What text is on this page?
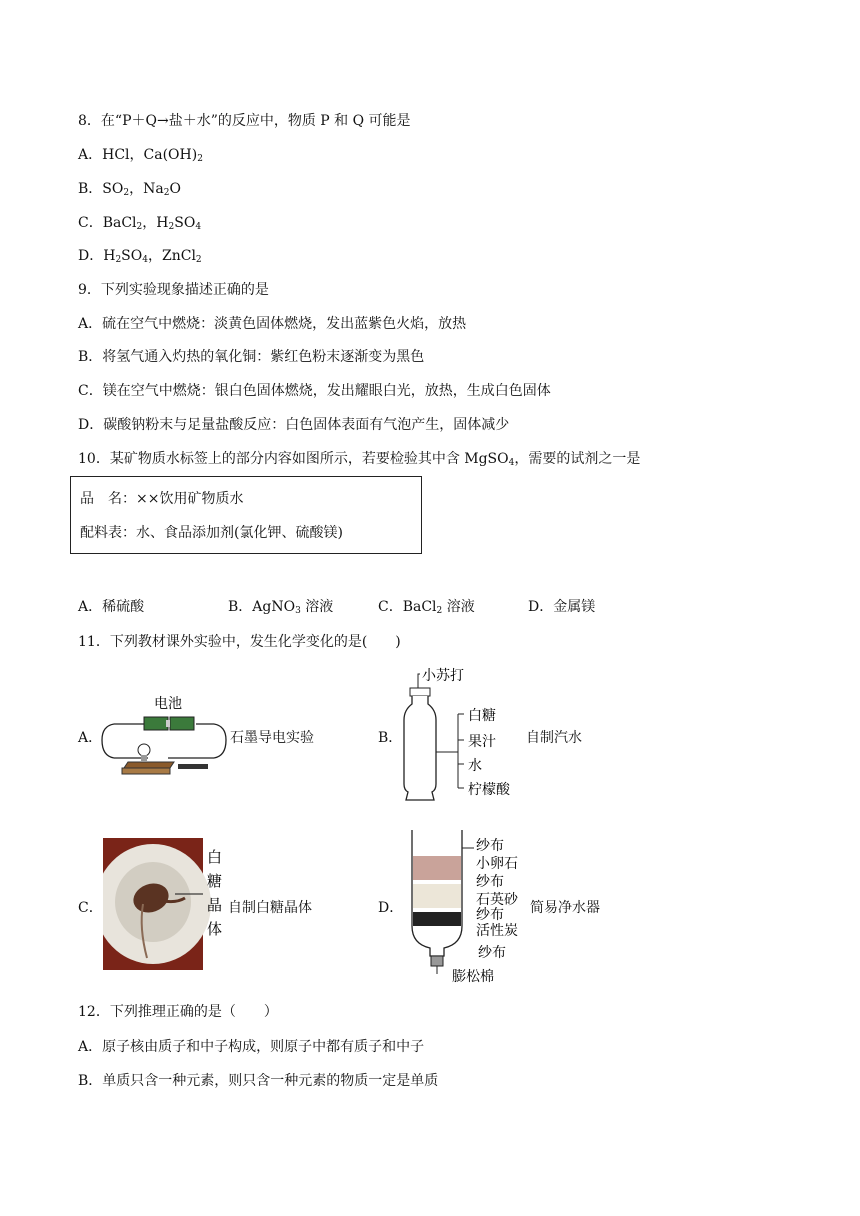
8．在“P＋Q→盐＋水”的反应中，物质 P 和 Q 可能是
A．HCl，$Ca(OH)_2$
B．$SO_2$，$Na_2O$
C．BaCl$_2$，$H_2SO_4$
D．$H_2SO_4$，ZnCl$_2$
9．下列实验现象描述正确的是
A．硫在空气中燃烧：淡黄色固体燃烧，发出蓝紫色火焰，放热
B．将氢气通入灼热的氧化铜：紫红色粉末逐渐变为黑色
C．镁在空气中燃烧：银白色固体燃烧，发出耀眼白光，放热，生成白色固体
D．碳酸钠粉末与足量盐酸反应：白色固体表面有气泡产生，固体减少
10．某矿物质水标签上的部分内容如图所示，若要检验其中含 MgSO$_4$，需要的试剂之一是
品　名：××饮用矿物质水
配料表：水、食品添加剂(氯化钾、硫酸镁)
A．稀硫酸	B．AgNO$_3$ 溶液	C．BaCl$_2$ 溶液	D．金属镁
11．下列教材课外实验中，发生化学变化的是(　　)
A．
电池
石墨导电实验	B．
小苏打
白糖
果汁
水
柠檬酸
自制汽水
C．
白
糖
晶
体
自制白糖晶体	D．
纱布
小卵石
纱布
石英砂
纱布
活性炭
纱布
膨松棉
简易净水器
12．下列推理正确的是（　　）
A．原子核由质子和中子构成，则原子中都有质子和中子
B．单质只含一种元素，则只含一种元素的物质一定是单质
